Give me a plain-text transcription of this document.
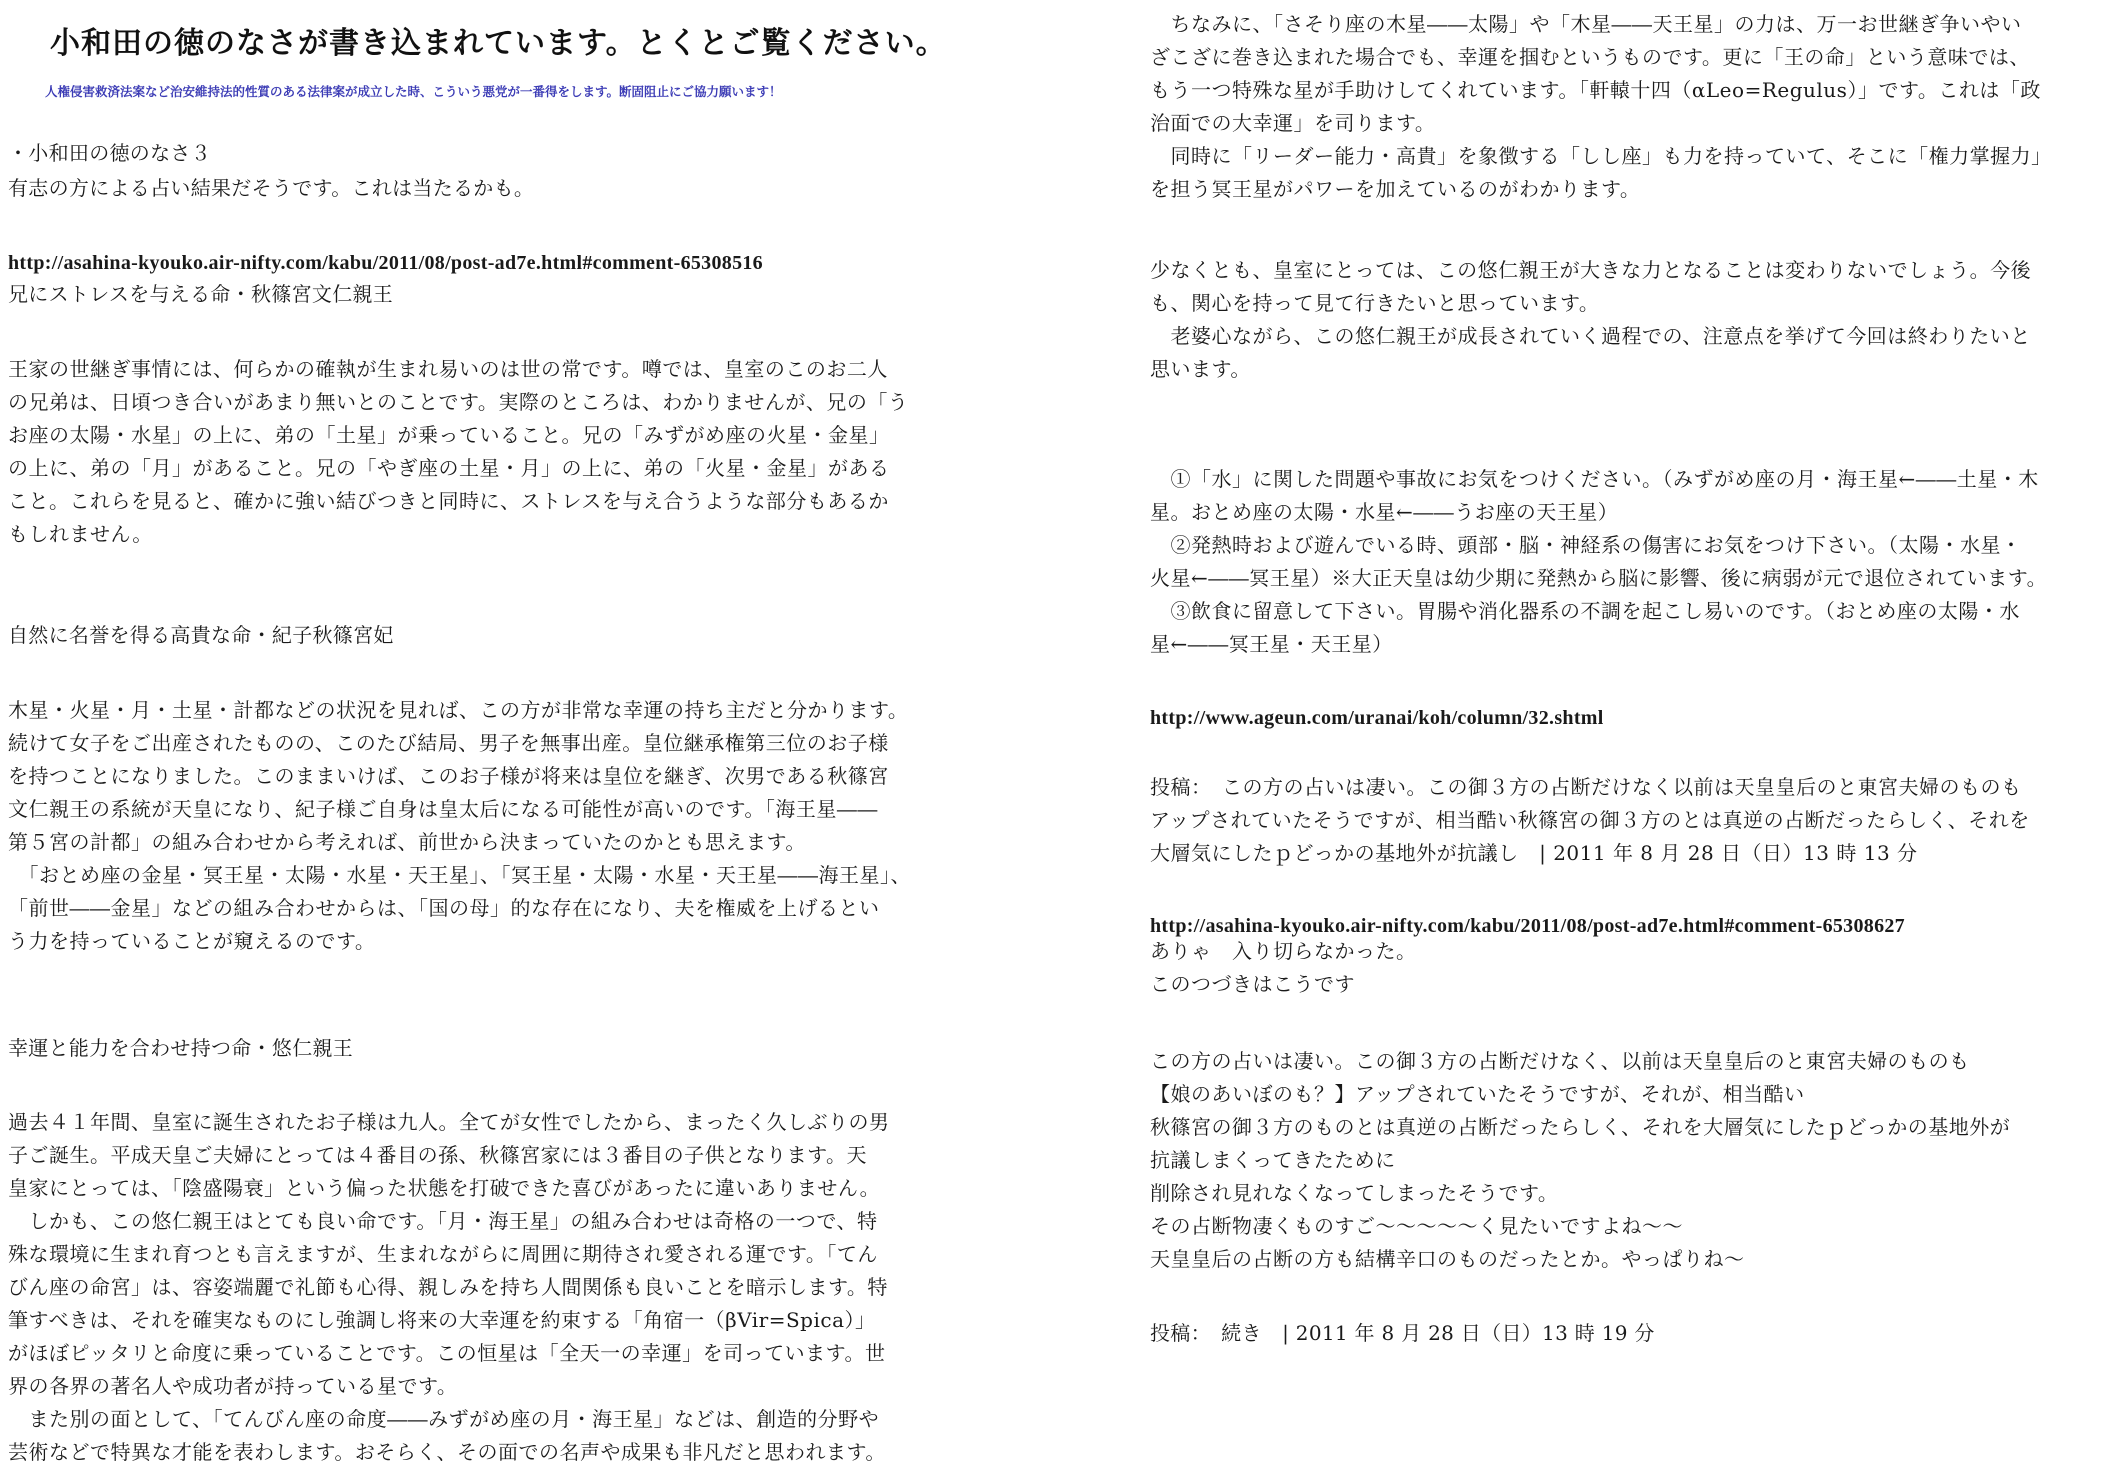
小和田の徳のなさが書き込まれています。とくとご覧ください。
人権侵害救済法案など治安維持法的性質のある法律案が成立した時、こういう悪党が一番得をします。断固阻止にご協力願います！
・小和田の徳のなさ３
有志の方による占い結果だそうです。これは当たるかも。
http://asahina-kyouko.air-nifty.com/kabu/2011/08/post-ad7e.html#comment-65308516
兄にストレスを与える命・秋篠宮文仁親王
王家の世継ぎ事情には、何らかの確執が生まれ易いのは世の常です。噂では、皇室のこのお二人
の兄弟は、日頃つき合いがあまり無いとのことです。実際のところは、わかりませんが、兄の「う
お座の太陽・水星」の上に、弟の「土星」が乗っていること。兄の「みずがめ座の火星・金星」
の上に、弟の「月」があること。兄の「やぎ座の土星・月」の上に、弟の「火星・金星」がある
こと。これらを見ると、確かに強い結びつきと同時に、ストレスを与え合うような部分もあるか
もしれません。
自然に名誉を得る高貴な命・紀子秋篠宮妃
木星・火星・月・土星・計都などの状況を見れば、この方が非常な幸運の持ち主だと分かります。
続けて女子をご出産されたものの、このたび結局、男子を無事出産。皇位継承権第三位のお子様
を持つことになりました。このままいけば、このお子様が将来は皇位を継ぎ、次男である秋篠宮
文仁親王の系統が天皇になり、紀子様ご自身は皇太后になる可能性が高いのです。「海王星――
第５宮の計都」の組み合わせから考えれば、前世から決まっていたのかとも思えます。
　「おとめ座の金星・冥王星・太陽・水星・天王星」、「冥王星・太陽・水星・天王星――海王星」、
「前世――金星」などの組み合わせからは、「国の母」的な存在になり、夫を権威を上げるとい
う力を持っていることが窺えるのです。
幸運と能力を合わせ持つ命・悠仁親王
過去４１年間、皇室に誕生されたお子様は九人。全てが女性でしたから、まったく久しぶりの男
子ご誕生。平成天皇ご夫婦にとっては４番目の孫、秋篠宮家には３番目の子供となります。天
皇家にとっては、「陰盛陽衰」という偏った状態を打破できた喜びがあったに違いありません。
　しかも、この悠仁親王はとても良い命です。「月・海王星」の組み合わせは奇格の一つで、特
殊な環境に生まれ育つとも言えますが、生まれながらに周囲に期待され愛される運です。「てん
びん座の命宮」は、容姿端麗で礼節も心得、親しみを持ち人間関係も良いことを暗示します。特
筆すべきは、それを確実なものにし強調し将来の大幸運を約束する「角宿一（βVir=Spica）」
がほぼピッタリと命度に乗っていることです。この恒星は「全天一の幸運」を司っています。世
界の各界の著名人や成功者が持っている星です。
　また別の面として、「てんびん座の命度――みずがめ座の月・海王星」などは、創造的分野や
芸術などで特異な才能を表わします。おそらく、その面での名声や成果も非凡だと思われます。
　ちなみに、「さそり座の木星――太陽」や「木星――天王星」の力は、万一お世継ぎ争いやい
ざこざに巻き込まれた場合でも、幸運を掴むというものです。更に「王の命」という意味では、
もう一つ特殊な星が手助けしてくれています。「軒轅十四（αLeo=Regulus）」です。これは「政
治面での大幸運」を司ります。
　同時に「リーダー能力・高貴」を象徴する「しし座」も力を持っていて、そこに「権力掌握力」
を担う冥王星がパワーを加えているのがわかります。
少なくとも、皇室にとっては、この悠仁親王が大きな力となることは変わりないでしょう。今後
も、関心を持って見て行きたいと思っています。
　老婆心ながら、この悠仁親王が成長されていく過程での、注意点を挙げて今回は終わりたいと
思います。
　①「水」に関した問題や事故にお気をつけください。（みずがめ座の月・海王星←――土星・木
星。おとめ座の太陽・水星←――うお座の天王星）
　②発熱時および遊んでいる時、頭部・脳・神経系の傷害にお気をつけ下さい。（太陽・水星・
火星←――冥王星）※大正天皇は幼少期に発熱から脳に影響、後に病弱が元で退位されています。
　③飲食に留意して下さい。胃腸や消化器系の不調を起こし易いのです。（おとめ座の太陽・水
星←――冥王星・天王星）
http://www.ageun.com/uranai/koh/column/32.shtml
投稿：　この方の占いは凄い。この御３方の占断だけなく以前は天皇皇后のと東宮夫婦のものも
アップされていたそうですが、相当酷い秋篠宮の御３方のとは真逆の占断だったらしく、それを
大層気にしたｐどっかの基地外が抗議し　| 2011 年 8 月 28 日（日）13 時 13 分
http://asahina-kyouko.air-nifty.com/kabu/2011/08/post-ad7e.html#comment-65308627
ありゃ　入り切らなかった。
このつづきはこうです
この方の占いは凄い。この御３方の占断だけなく、以前は天皇皇后のと東宮夫婦のものも
【娘のあいぼのも？】アップされていたそうですが、それが、相当酷い
秋篠宮の御３方のものとは真逆の占断だったらしく、それを大層気にしたｐどっかの基地外が
抗議しまくってきたために
削除され見れなくなってしまったそうです。
その占断物凄くものすご～～～～～く見たいですよね～～
天皇皇后の占断の方も結構辛口のものだったとか。やっぱりね～
投稿：　続き　| 2011 年 8 月 28 日（日）13 時 19 分
